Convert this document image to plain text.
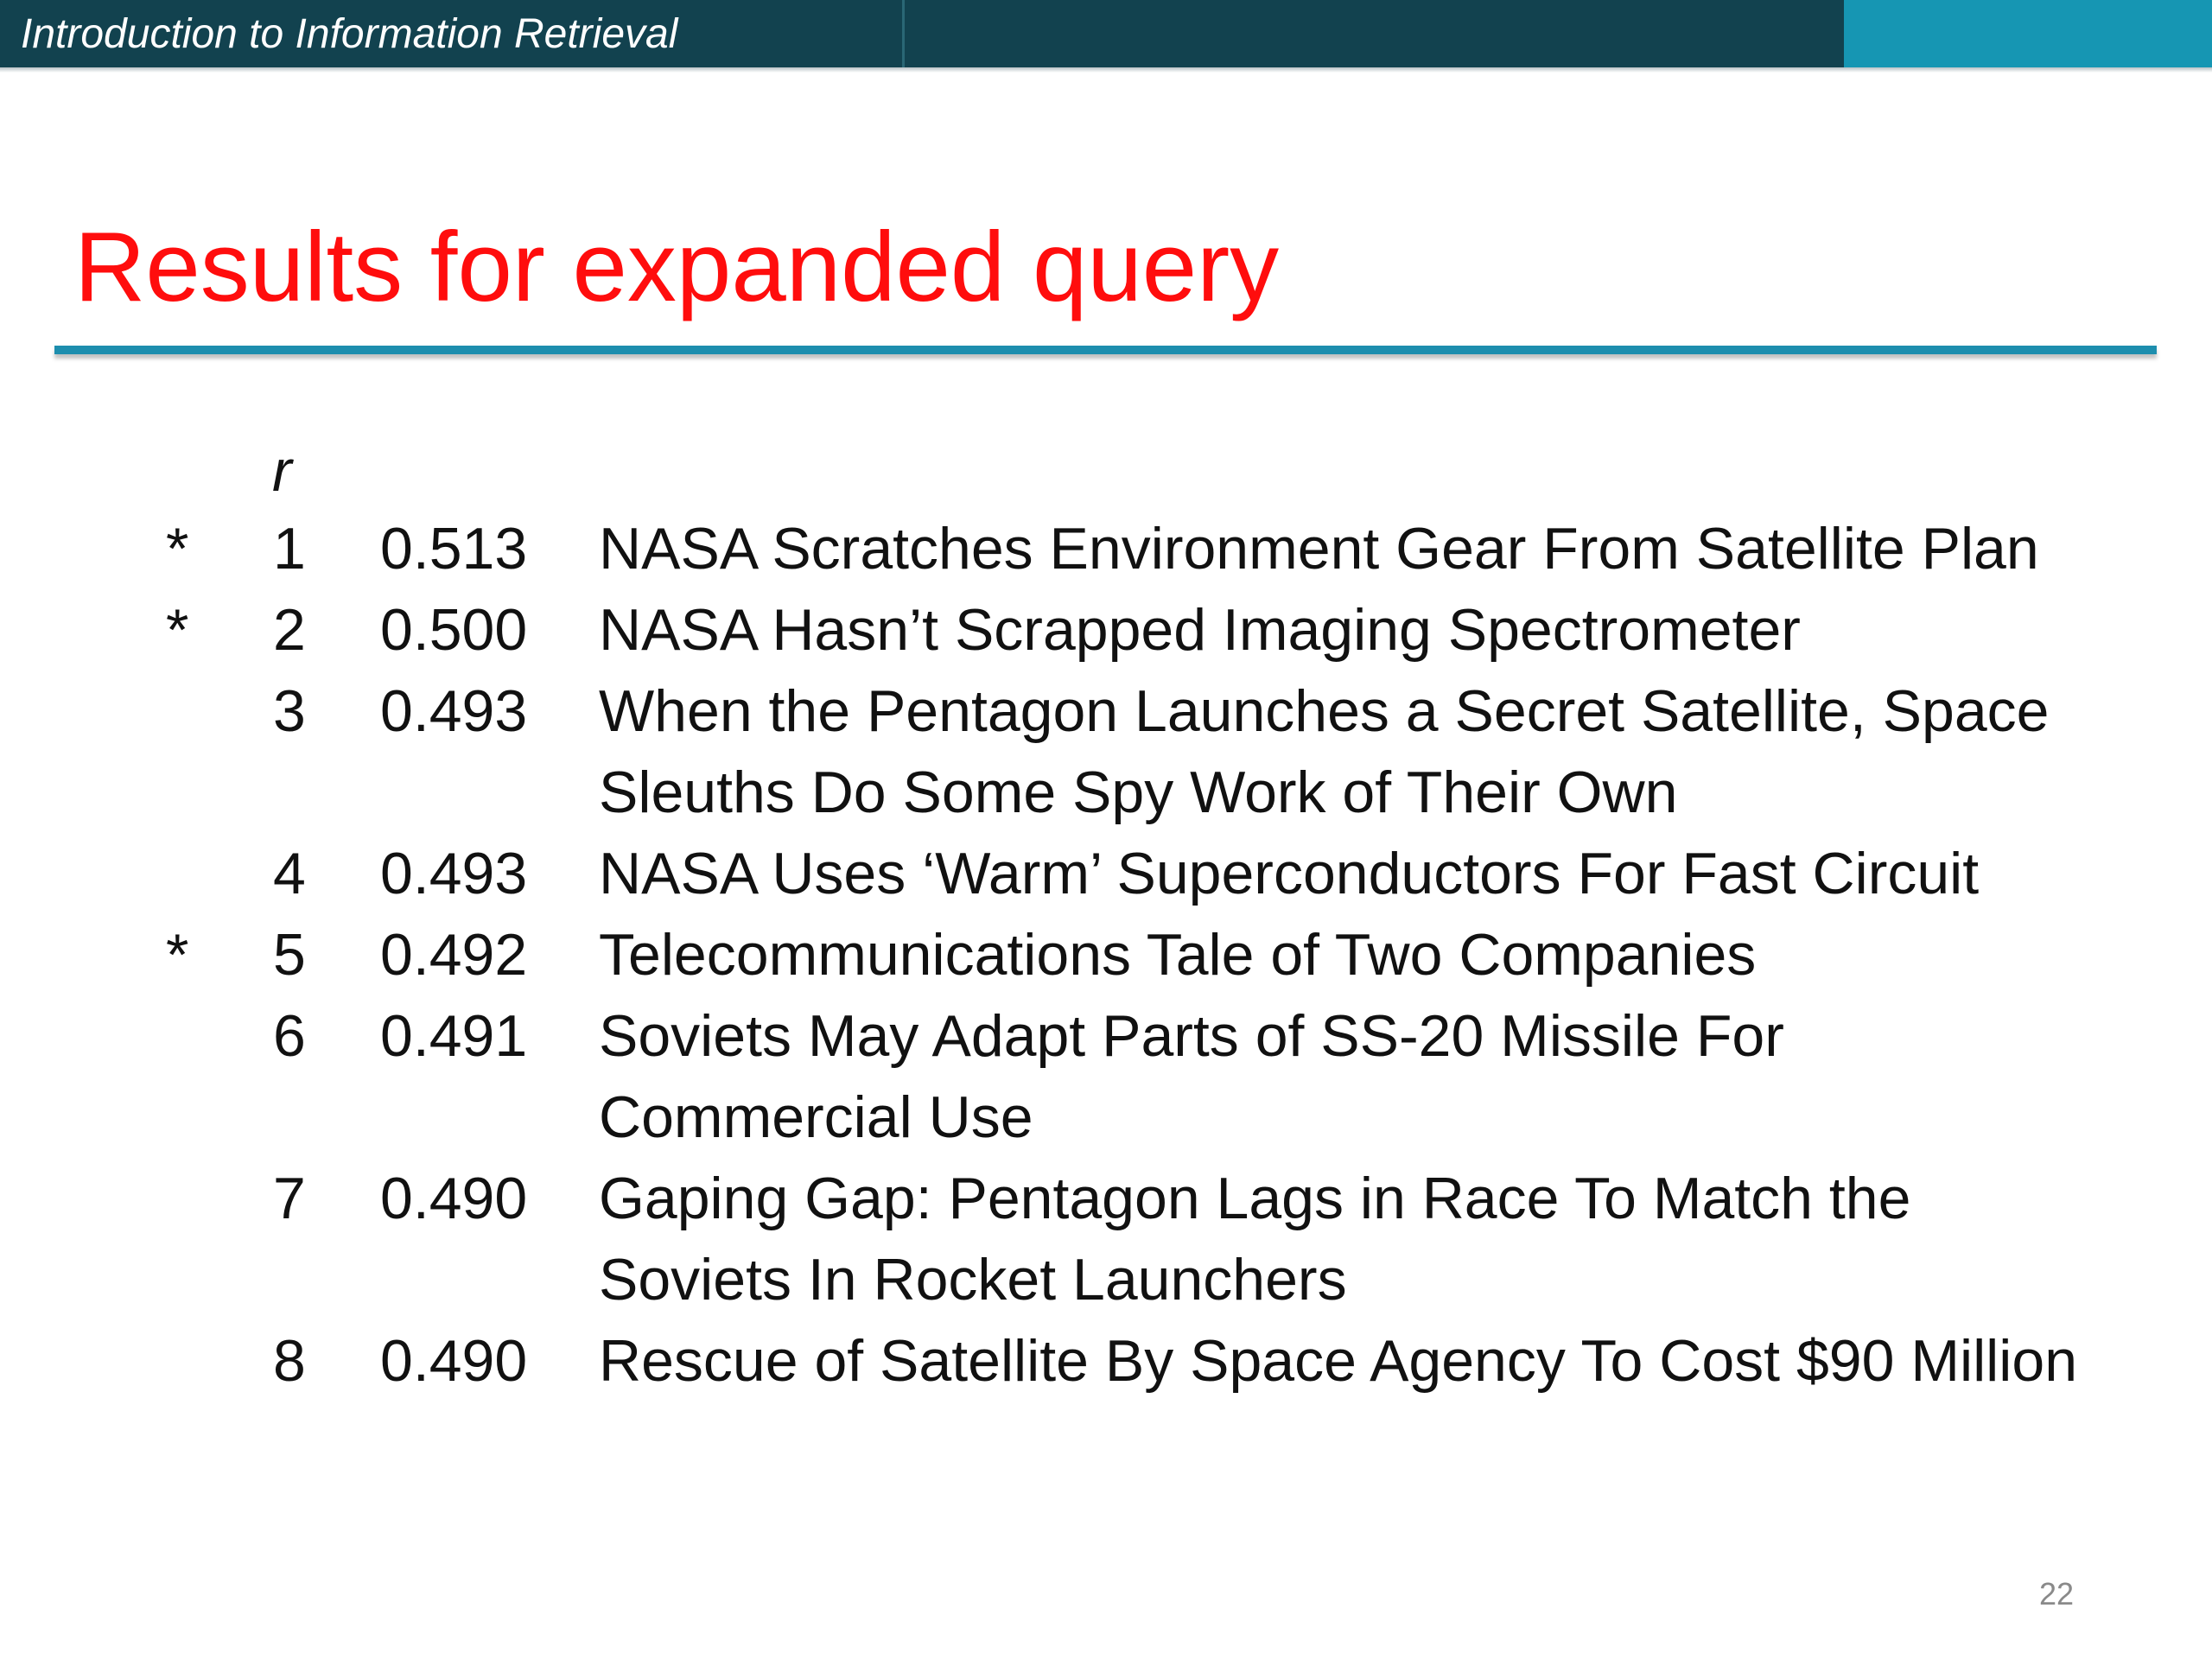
Introduction to Information Retrieval
Results for expanded query
r
* 1 0.513 NASA Scratches Environment Gear From Satellite Plan
* 2 0.500 NASA Hasn’t Scrapped Imaging Spectrometer
3 0.493 When the Pentagon Launches a Secret Satellite, Space
Sleuths Do Some Spy Work of Their Own
4 0.493 NASA Uses ‘Warm’ Superconductors For Fast Circuit
* 5 0.492 Telecommunications Tale of Two Companies
6 0.491 Soviets May Adapt Parts of SS-20 Missile For
Commercial Use
7 0.490 Gaping Gap: Pentagon Lags in Race To Match the
Soviets In Rocket Launchers
8 0.490 Rescue of Satellite By Space Agency To Cost $90 Million
22
